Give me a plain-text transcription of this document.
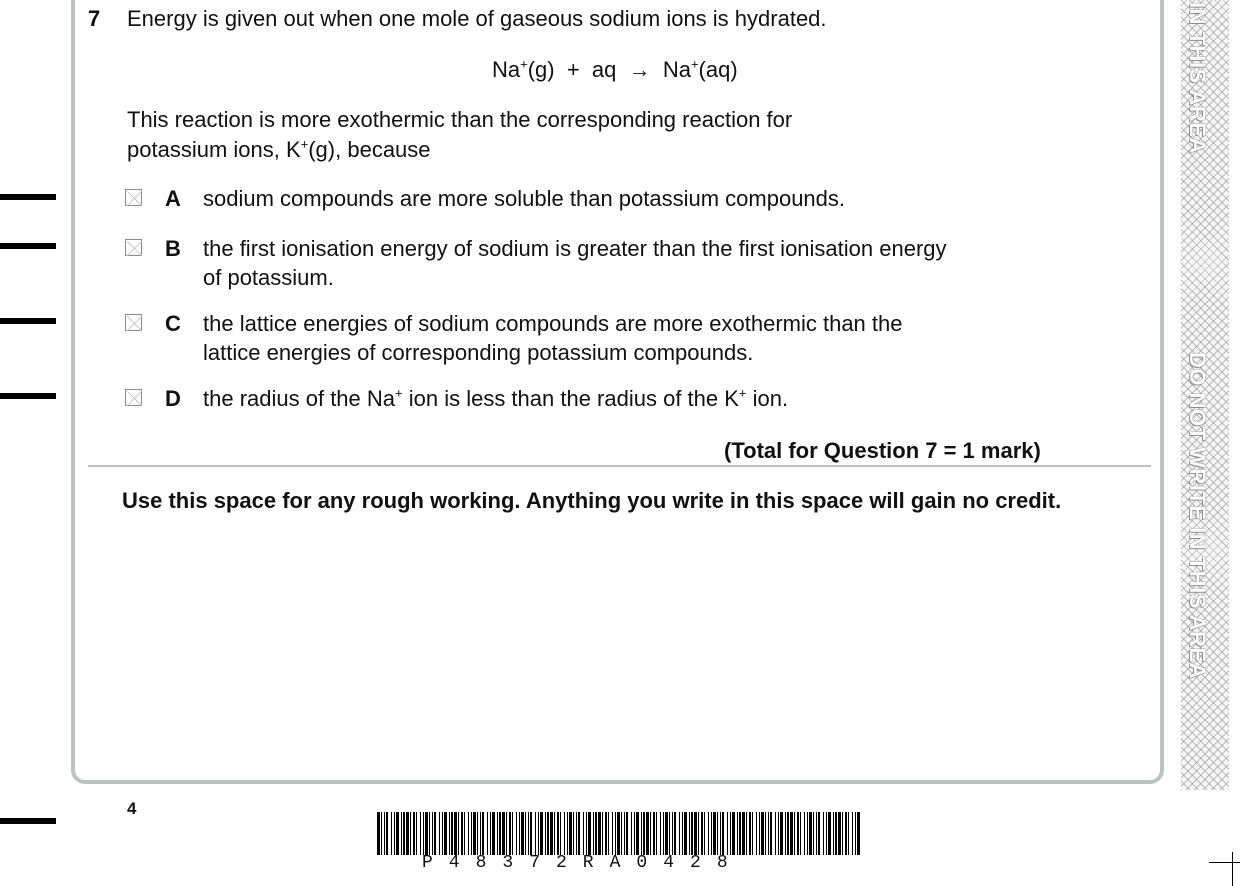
7 Energy is given out when one mole of gaseous sodium ions is hydrated.
Na+(g)  +  aq  →  Na+(aq)
This reaction is more exothermic than the corresponding reaction for
potassium ions, K+(g), because
A sodium compounds are more soluble than potassium compounds.
B the first ionisation energy of sodium is greater than the first ionisation energy
of potassium.
C the lattice energies of sodium compounds are more exothermic than the
lattice energies of corresponding potassium compounds.
D the radius of the Na+ ion is less than the radius of the K+ ion.
(Total for Question 7 = 1 mark)
Use this space for any rough working. Anything you write in this space will gain no credit.
4
P48372RA0428
IN THIS AREA
DO NOT WRITE IN THIS AREA
